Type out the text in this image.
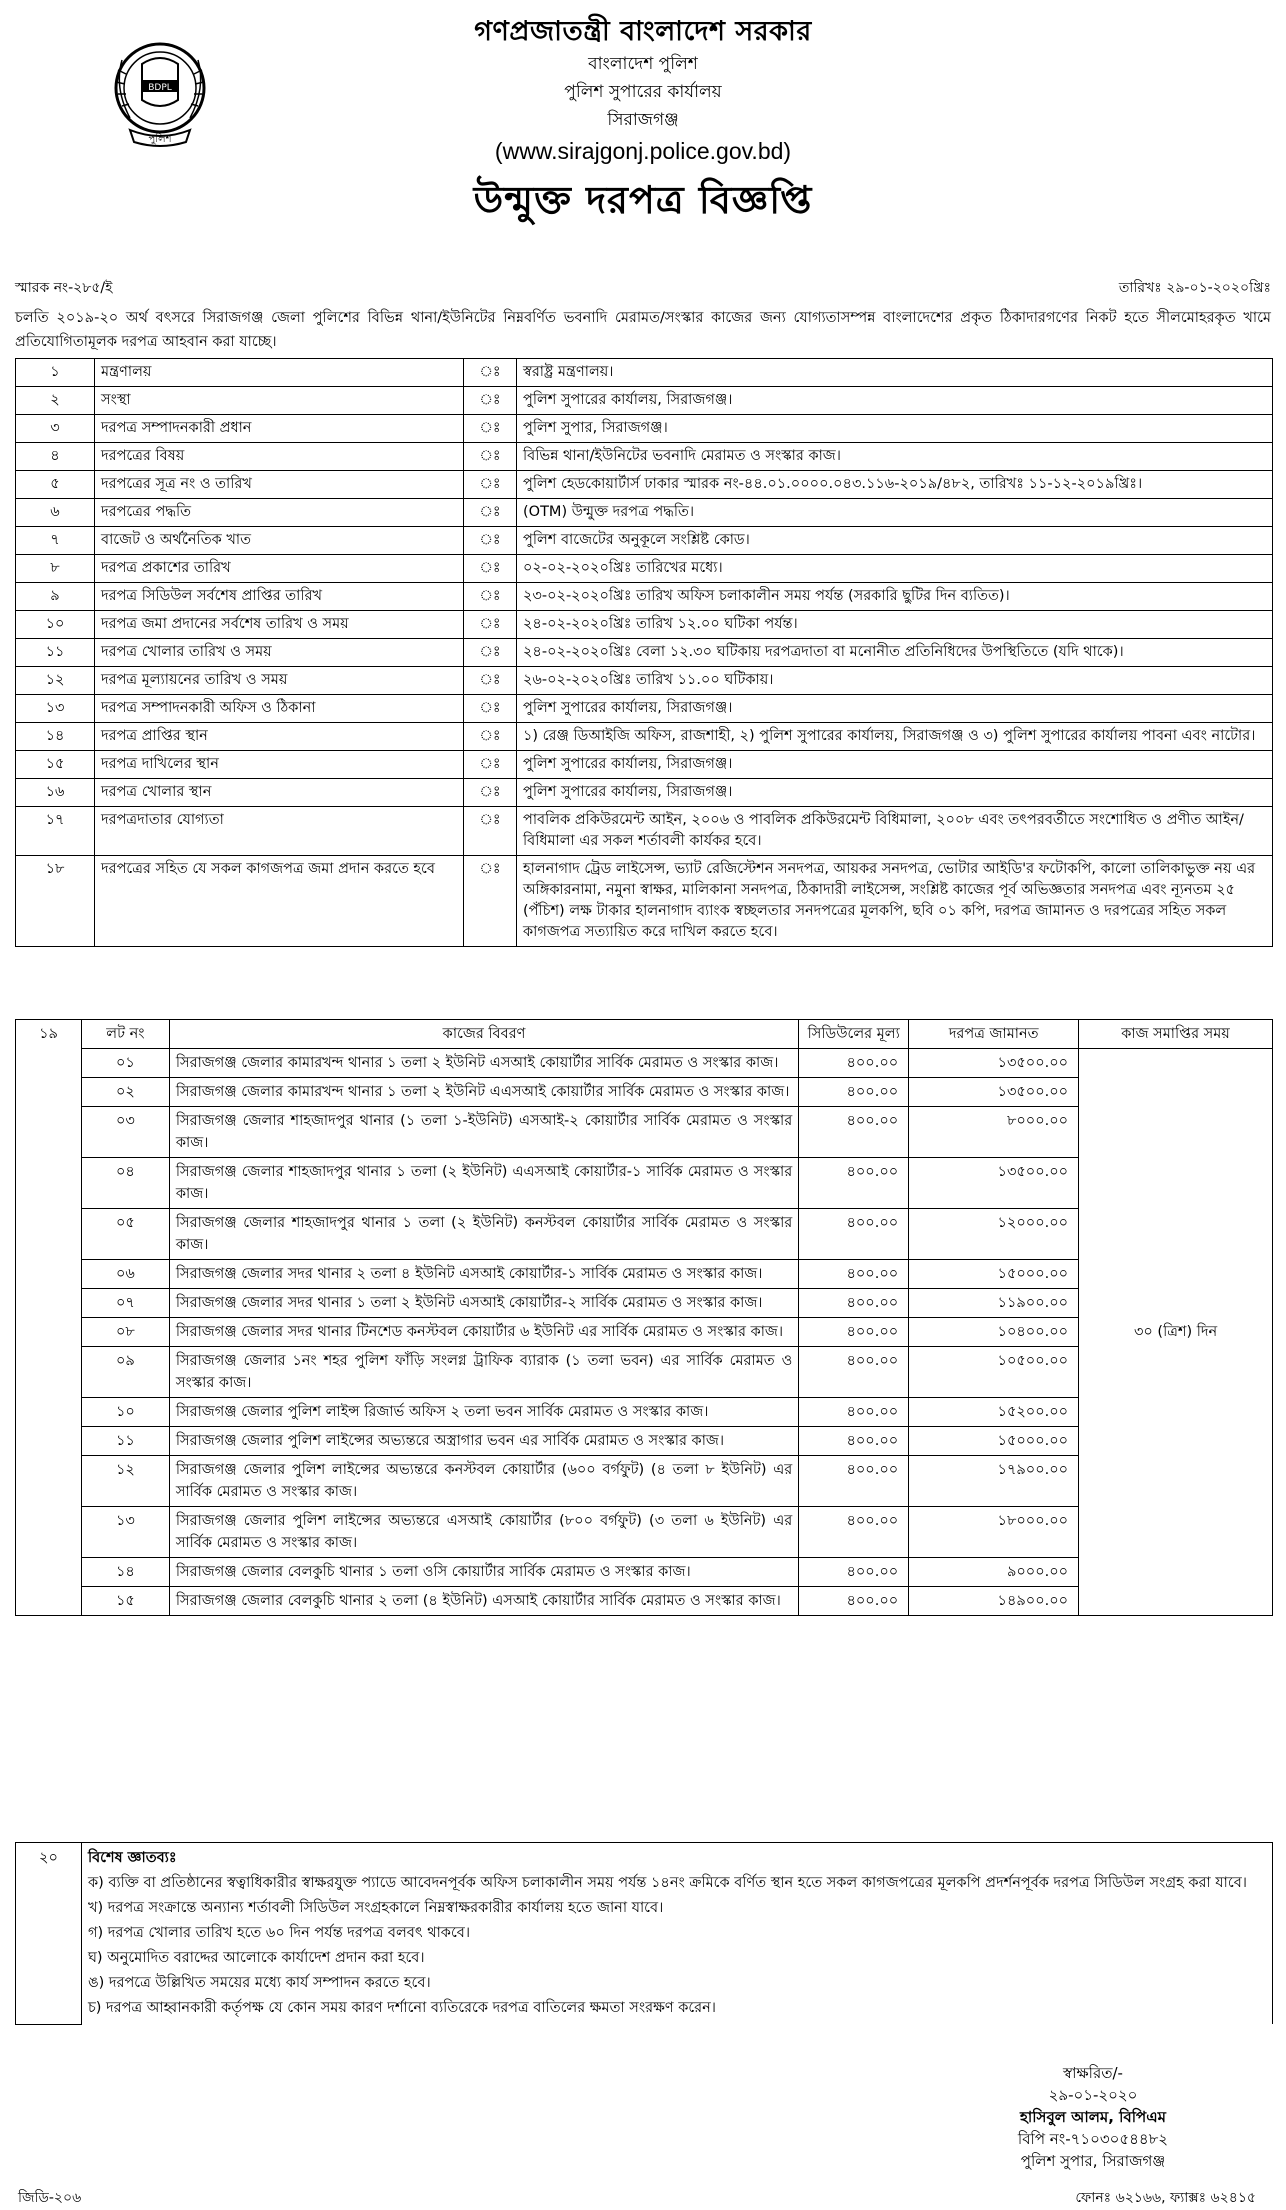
BDPL
পুলিশ
গণপ্রজাতন্ত্রী বাংলাদেশ সরকার
বাংলাদেশ পুলিশ
পুলিশ সুপারের কার্যালয়
সিরাজগঞ্জ
(www.sirajgonj.police.gov.bd)
উন্মুক্ত দরপত্র বিজ্ঞপ্তি
স্মারক নং-২৮৫/ই	তারিখঃ ২৯-০১-২০২০খ্রিঃ
চলতি ২০১৯-২০ অর্থ বৎসরে সিরাজগঞ্জ জেলা পুলিশের বিভিন্ন থানা/ইউনিটের নিম্নবর্ণিত ভবনাদি মেরামত/সংস্কার কাজের জন্য যোগ্যতাসম্পন্ন বাংলাদেশের প্রকৃত ঠিকাদারগণের নিকট হতে সীলমোহরকৃত খামে প্রতিযোগিতামূলক দরপত্র আহবান করা যাচ্ছে।
১	মন্ত্রণালয়	ঃ	স্বরাষ্ট্র মন্ত্রণালয়।
২	সংস্থা	ঃ	পুলিশ সুপারের কার্যালয়, সিরাজগঞ্জ।
৩	দরপত্র সম্পাদনকারী প্রধান	ঃ	পুলিশ সুপার, সিরাজগঞ্জ।
৪	দরপত্রের বিষয়	ঃ	বিভিন্ন থানা/ইউনিটের ভবনাদি মেরামত ও সংস্কার কাজ।
৫	দরপত্রের সূত্র নং ও তারিখ	ঃ	পুলিশ হেডকোয়ার্টার্স ঢাকার স্মারক নং-৪৪.০১.০০০০.০৪৩.১১৬-২০১৯/৪৮২, তারিখঃ ১১-১২-২০১৯খ্রিঃ।
৬	দরপত্রের পদ্ধতি	ঃ	(OTM) উন্মুক্ত দরপত্র পদ্ধতি।
৭	বাজেট ও অর্থনৈতিক খাত	ঃ	পুলিশ বাজেটের অনুকূলে সংশ্লিষ্ট কোড।
৮	দরপত্র প্রকাশের তারিখ	ঃ	০২-০২-২০২০খ্রিঃ তারিখের মধ্যে।
৯	দরপত্র সিডিউল সর্বশেষ প্রাপ্তির তারিখ	ঃ	২৩-০২-২০২০খ্রিঃ তারিখ অফিস চলাকালীন সময় পর্যন্ত (সরকারি ছুটির দিন ব্যতিত)।
১০	দরপত্র জমা প্রদানের সর্বশেষ তারিখ ও সময়	ঃ	২৪-০২-২০২০খ্রিঃ তারিখ ১২.০০ ঘটিকা পর্যন্ত।
১১	দরপত্র খোলার তারিখ ও সময়	ঃ	২৪-০২-২০২০খ্রিঃ বেলা ১২.৩০ ঘটিকায় দরপত্রদাতা বা মনোনীত প্রতিনিধিদের উপস্থিতিতে (যদি থাকে)।
১২	দরপত্র মূল্যায়নের তারিখ ও সময়	ঃ	২৬-০২-২০২০খ্রিঃ তারিখ ১১.০০ ঘটিকায়।
১৩	দরপত্র সম্পাদনকারী অফিস ও ঠিকানা	ঃ	পুলিশ সুপারের কার্যালয়, সিরাজগঞ্জ।
১৪	দরপত্র প্রাপ্তির স্থান	ঃ	১) রেঞ্জ ডিআইজি অফিস, রাজশাহী, ২) পুলিশ সুপারের কার্যালয়, সিরাজগঞ্জ ও ৩) পুলিশ সুপারের কার্যালয় পাবনা এবং নাটোর।
১৫	দরপত্র দাখিলের স্থান	ঃ	পুলিশ সুপারের কার্যালয়, সিরাজগঞ্জ।
১৬	দরপত্র খোলার স্থান	ঃ	পুলিশ সুপারের কার্যালয়, সিরাজগঞ্জ।
১৭	দরপত্রদাতার যোগ্যতা	ঃ	পাবলিক প্রকিউরমেন্ট আইন, ২০০৬ ও পাবলিক প্রকিউরমেন্ট বিধিমালা, ২০০৮ এবং তৎপরবর্তীতে সংশোধিত ও প্রণীত আইন/বিধিমালা এর সকল শর্তাবলী কার্যকর হবে।
১৮	দরপত্রের সহিত যে সকল কাগজপত্র জমা প্রদান করতে হবে	ঃ	হালনাগাদ ট্রেড লাইসেন্স, ভ্যাট রেজিস্টেশন সনদপত্র, আয়কর সনদপত্র, ভোটার আইডি'র ফটোকপি, কালো তালিকাভুক্ত নয় এর অঙ্গিকারনামা, নমুনা স্বাক্ষর, মালিকানা সনদপত্র, ঠিকাদারী লাইসেন্স, সংশ্লিষ্ট কাজের পূর্ব অভিজ্ঞতার সনদপত্র এবং ন্যূনতম ২৫ (পঁচিশ) লক্ষ টাকার হালনাগাদ ব্যাংক স্বচ্ছলতার সনদপত্রের মূলকপি, ছবি ০১ কপি, দরপত্র জামানত ও দরপত্রের সহিত সকল কাগজপত্র সত্যায়িত করে দাখিল করতে হবে।
১৯	লট নং	কাজের বিবরণ	সিডিউলের মূল্য	দরপত্র জামানত	কাজ সমাপ্তির সময়
	০১	সিরাজগঞ্জ জেলার কামারখন্দ থানার ১ তলা ২ ইউনিট এসআই কোয়ার্টার সার্বিক মেরামত ও সংস্কার কাজ।	৪০০.০০	১৩৫০০.০০	৩০ (ত্রিশ) দিন
	০২	সিরাজগঞ্জ জেলার কামারখন্দ থানার ১ তলা ২ ইউনিট এএসআই কোয়ার্টার সার্বিক মেরামত ও সংস্কার কাজ।	৪০০.০০	১৩৫০০.০০	
	০৩	সিরাজগঞ্জ জেলার শাহজাদপুর থানার (১ তলা ১-ইউনিট) এসআই-২ কোয়ার্টার সার্বিক মেরামত ও সংস্কার কাজ।	৪০০.০০	৮০০০.০০	
	০৪	সিরাজগঞ্জ জেলার শাহজাদপুর থানার ১ তলা (২ ইউনিট) এএসআই কোয়ার্টার-১ সার্বিক মেরামত ও সংস্কার কাজ।	৪০০.০০	১৩৫০০.০০	
	০৫	সিরাজগঞ্জ জেলার শাহজাদপুর থানার ১ তলা (২ ইউনিট) কনস্টবল কোয়ার্টার সার্বিক মেরামত ও সংস্কার কাজ।	৪০০.০০	১২০০০.০০	
	০৬	সিরাজগঞ্জ জেলার সদর থানার ২ তলা ৪ ইউনিট এসআই কোয়ার্টার-১ সার্বিক মেরামত ও সংস্কার কাজ।	৪০০.০০	১৫০০০.০০	
	০৭	সিরাজগঞ্জ জেলার সদর থানার ১ তলা ২ ইউনিট এসআই কোয়ার্টার-২ সার্বিক মেরামত ও সংস্কার কাজ।	৪০০.০০	১১৯০০.০০	
	০৮	সিরাজগঞ্জ জেলার সদর থানার টিনশেড কনস্টবল কোয়ার্টার ৬ ইউনিট এর সার্বিক মেরামত ও সংস্কার কাজ।	৪০০.০০	১০৪০০.০০	
	০৯	সিরাজগঞ্জ জেলার ১নং শহর পুলিশ ফাঁড়ি সংলগ্ন ট্রাফিক ব্যারাক (১ তলা ভবন) এর সার্বিক মেরামত ও সংস্কার কাজ।	৪০০.০০	১০৫০০.০০	
	১০	সিরাজগঞ্জ জেলার পুলিশ লাইন্স রিজার্ভ অফিস ২ তলা ভবন সার্বিক মেরামত ও সংস্কার কাজ।	৪০০.০০	১৫২০০.০০	
	১১	সিরাজগঞ্জ জেলার পুলিশ লাইন্সের অভ্যন্তরে অস্ত্রাগার ভবন এর সার্বিক মেরামত ও সংস্কার কাজ।	৪০০.০০	১৫০০০.০০	
	১২	সিরাজগঞ্জ জেলার পুলিশ লাইন্সের অভ্যন্তরে কনস্টবল কোয়ার্টার (৬০০ বর্গফুট) (৪ তলা ৮ ইউনিট) এর সার্বিক মেরামত ও সংস্কার কাজ।	৪০০.০০	১৭৯০০.০০	
	১৩	সিরাজগঞ্জ জেলার পুলিশ লাইন্সের অভ্যন্তরে এসআই কোয়ার্টার (৮০০ বর্গফুট) (৩ তলা ৬ ইউনিট) এর সার্বিক মেরামত ও সংস্কার কাজ।	৪০০.০০	১৮০০০.০০	
	১৪	সিরাজগঞ্জ জেলার বেলকুচি থানার ১ তলা ওসি কোয়ার্টার সার্বিক মেরামত ও সংস্কার কাজ।	৪০০.০০	৯০০০.০০	
	১৫	সিরাজগঞ্জ জেলার বেলকুচি থানার ২ তলা (৪ ইউনিট) এসআই কোয়ার্টার সার্বিক মেরামত ও সংস্কার কাজ।	৪০০.০০	১৪৯০০.০০	
২০	বিশেষ জ্ঞাতব্যঃ
ক) ব্যক্তি বা প্রতিষ্ঠানের স্বত্বাধিকারীর স্বাক্ষরযুক্ত প্যাডে আবেদনপূর্বক অফিস চলাকালীন সময় পর্যন্ত ১৪নং ক্রমিকে বর্ণিত স্থান হতে সকল কাগজপত্রের মূলকপি প্রদর্শনপূর্বক দরপত্র সিডিউল সংগ্রহ করা যাবে।
খ) দরপত্র সংক্রান্তে অন্যান্য শর্তাবলী সিডিউল সংগ্রহকালে নিম্নস্বাক্ষরকারীর কার্যালয় হতে জানা যাবে।
গ) দরপত্র খোলার তারিখ হতে ৬০ দিন পর্যন্ত দরপত্র বলবৎ থাকবে।
ঘ) অনুমোদিত বরাদ্দের আলোকে কার্যাদেশ প্রদান করা হবে।
ঙ) দরপত্রে উল্লিখিত সময়ের মধ্যে কার্য সম্পাদন করতে হবে।
চ) দরপত্র আহ্বানকারী কর্তৃপক্ষ যে কোন সময় কারণ দর্শানো ব্যতিরেকে দরপত্র বাতিলের ক্ষমতা সংরক্ষণ করেন।
স্বাক্ষরিত/-
২৯-০১-২০২০
হাসিবুল আলম, বিপিএম
বিপি নং-৭১০৩০৫৪৪৮২
পুলিশ সুপার, সিরাজগঞ্জ
জিডি-২০৬	ফোনঃ ৬২১৬৬, ফ্যাক্সঃ ৬২৪১৫
